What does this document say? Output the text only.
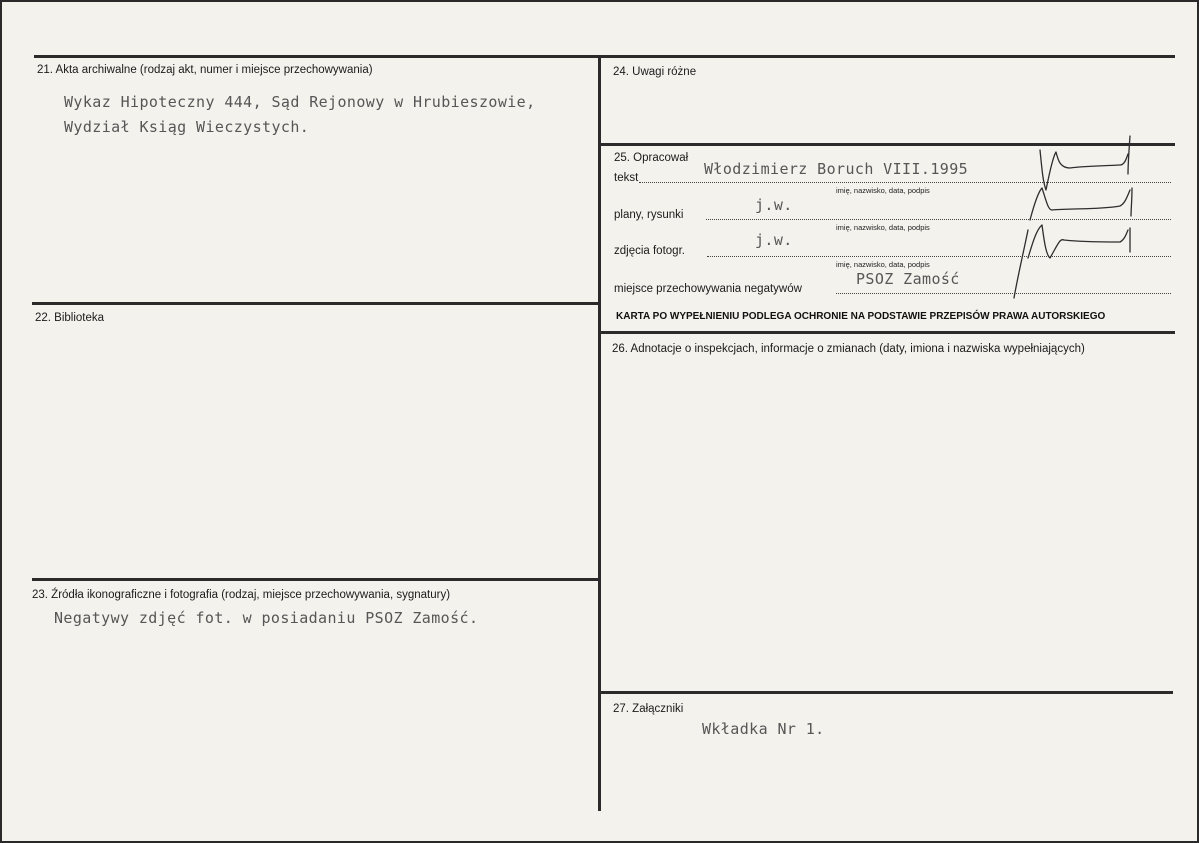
21. Akta archiwalne (rodzaj akt, numer i miejsce przechowywania)
Wykaz Hipoteczny 444, Sąd Rejonowy w Hrubieszowie,
Wydział Ksiąg Wieczystych.
22. Biblioteka
23. Źródła ikonograficzne i fotografia (rodzaj, miejsce przechowywania, sygnatury)
Negatywy zdjęć fot. w posiadaniu PSOZ Zamość.
24. Uwagi różne
25. Opracował
tekst	Włodzimierz Boruch VIII.1995
imię, nazwisko, data, podpis
plany, rysunki
j.w.
imię, nazwisko, data, podpis
zdjęcia fotogr.
j.w.
imię, nazwisko, data, podpis
miejsce przechowywania negatywów
PSOZ Zamość
KARTA PO WYPEŁNIENIU PODLEGA OCHRONIE NA PODSTAWIE PRZEPISÓW PRAWA AUTORSKIEGO
26. Adnotacje o inspekcjach, informacje o zmianach (daty, imiona i nazwiska wypełniających)
27. Załączniki
Wkładka Nr 1.
